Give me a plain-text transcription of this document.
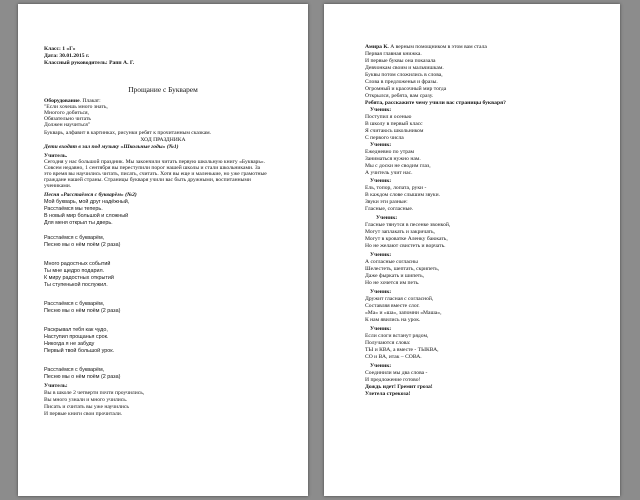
Класс: 1 «Г»
Дата: 30.01.2015 г.
Классный руководитель: Рапп А. Г.
Прощание с Букварем
Оборудование. Плакат:
"Если хочешь много знать,
Многого добиться,
Обязательно читать
Должен научиться"
Букварь, алфавит в картинках, рисунки ребят к прочитанным сказкам.
ХОД ПРАЗДНИКА
Дети входят в зал под музыку «Школьные годы» (№1)
Учитель.
Сегодня у нас большой праздник. Мы закончили читать первую школьную книгу «Букварь».
Совсем недавно, 1 сентября вы переступили порог нашей школы и стали школьниками. За
это время вы научились читать, писать, считать. Хотя вы еще и маленькие, но уже грамотные
граждане нашей страны. Страницы букваря учили вас быть дружными, воспитанными
учениками.
Песня «Расстаёмся с букварём» (№2)
Мой букварь, мой друг надёжный,
Расстаёмся мы теперь.
В новый мир большой и сложный
Для меня открыл ты дверь.
Расстаёмся с букварём,
Песню мы о нём поём (2 раза)
Много радостных событий
Ты мне щедро подарил.
К миру радостных открытий
Ты ступенькой послужил.
Расстаёмся с букварём,
Песню мы о нём поём (2 раза)
Раскрывал тебя как чудо,
Наступил прощанья срок.
Никогда я не забуду
Первый твой большой урок.
Расстаёмся с букварём,
Песню мы о нём поём (2 раза)
Учитель:
Вы в школе 2 четверти почти проучились,
Вы много узнали и много учились.
Писать и считать вы уже научились
И первые книги свои прочитали.
Амира К. А верным помощником в этом вам стала
Первая главная книжка.
И первые буквы она показала
Девчонкам своим и мальчишкам.
Буквы потом сложились в слова,
Слова в предложенья и фразы.
Огромный и красочный мир тогда
Открылся, ребята, вам сразу.
Ребята, расскажите чему учили вас страницы букваря?
Ученик:
Поступил я осенью
В школу в первый класс
Я считаюсь школьником
С первого числа
Ученик:
Ежедневно по утрам
Заниматься нужно нам.
Мы с доски не сводим глаз,
А учитель учит нас.
Ученик:
Ель, топор, лопата, руки -
В каждом слове слышим звуки.
Звуки эти разные:
Гласные, согласные.
Ученик:
Гласные тянутся в песенке звонкой,
Могут заплакать и закричать,
Могут в кроватке Аленку баюкать,
Но не желают свистеть и ворчать.
Ученик:
А согласные согласны
Шелестеть, шептать, скрипеть,
Даже фыркать и шипеть,
Но не хочется им петь.
Ученик:
Дружит гласная с согласной,
Составляя вместе слог.
«Ма» и «ша», запомни «Маша»,
К нам явились на урок.
Ученик:
Если слоги встанут рядом,
Получаются слова:
ТЫ и КВА, а вместе - ТЫКВА,
СО и ВА, итак – СОВА.
Ученик:
Соединили мы два слова -
И предложение готово!
Дождь идет! Гремит гроза!
Улетела стрекоза!
